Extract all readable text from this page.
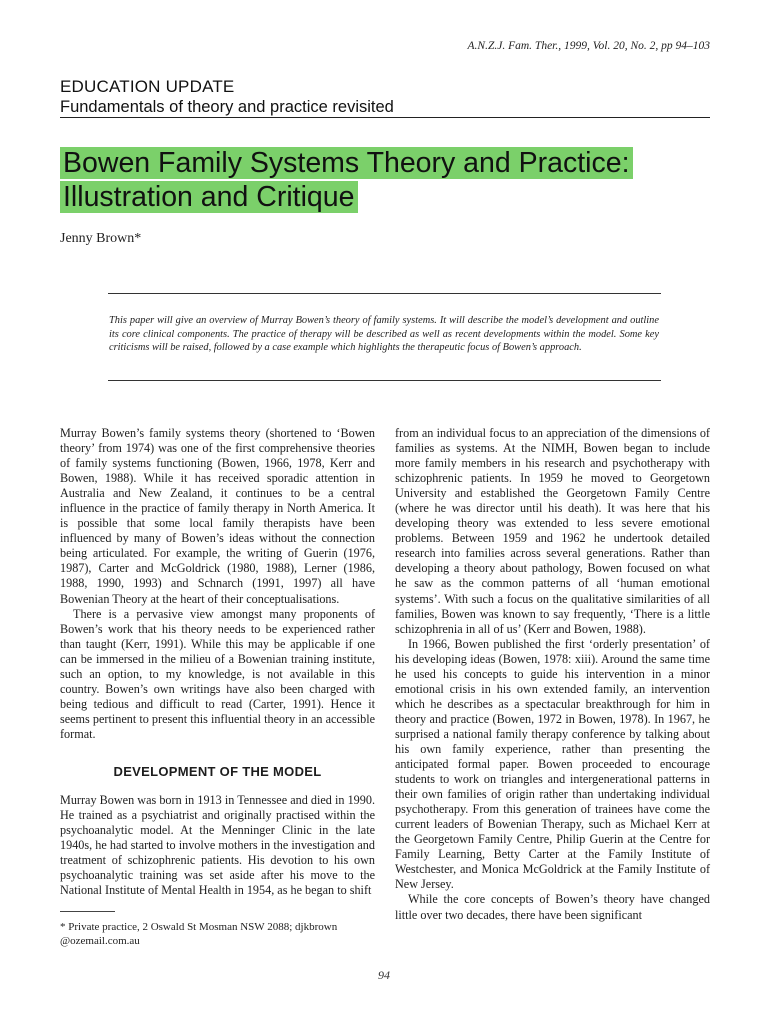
A.N.Z.J. Fam. Ther., 1999, Vol. 20, No. 2, pp 94–103
EDUCATION UPDATE
Fundamentals of theory and practice revisited
Bowen Family Systems Theory and Practice:
Illustration and Critique
Jenny Brown*
This paper will give an overview of Murray Bowen’s theory of family systems. It will describe the model’s development and outline its core clinical components. The practice of therapy will be described as well as recent developments within the model. Some key criticisms will be raised, followed by a case example which highlights the therapeutic focus of Bowen’s approach.

Murray Bowen’s family systems theory (shortened to ‘Bowen theory’ from 1974) was one of the first comprehensive theories of family systems functioning (Bowen, 1966, 1978, Kerr and Bowen, 1988). While it has received sporadic attention in Australia and New Zealand, it continues to be a central influence in the practice of family therapy in North America. It is possible that some local family therapists have been influenced by many of Bowen’s ideas without the connection being articulated. For example, the writing of Guerin (1976, 1987), Carter and McGoldrick (1980, 1988), Lerner (1986, 1988, 1990, 1993) and Schnarch (1991, 1997) all have Bowenian Theory at the heart of their conceptualisations.

There is a pervasive view amongst many proponents of Bowen’s work that his theory needs to be experienced rather than taught (Kerr, 1991). While this may be applicable if one can be immersed in the milieu of a Bowenian training institute, such an option, to my knowledge, is not available in this country. Bowen’s own writings have also been charged with being tedious and difficult to read (Carter, 1991). Hence it seems pertinent to present this influential theory in an accessible format.

DEVELOPMENT OF THE MODEL

Murray Bowen was born in 1913 in Tennessee and died in 1990. He trained as a psychiatrist and originally practised within the psychoanalytic model. At the Menninger Clinic in the late 1940s, he had started to involve mothers in the investigation and treatment of schizophrenic patients. His devotion to his own psychoanalytic training was set aside after his move to the National Institute of Mental Health in 1954, as he began to shift

from an individual focus to an appreciation of the dimensions of families as systems. At the NIMH, Bowen began to include more family members in his research and psychotherapy with schizophrenic patients. In 1959 he moved to Georgetown University and established the Georgetown Family Centre (where he was director until his death). It was here that his developing theory was extended to less severe emotional problems. Between 1959 and 1962 he undertook detailed research into families across several generations. Rather than developing a theory about pathology, Bowen focused on what he saw as the common patterns of all ‘human emotional systems’. With such a focus on the qualitative similarities of all families, Bowen was known to say frequently, ‘There is a little schizophrenia in all of us’ (Kerr and Bowen, 1988).

In 1966, Bowen published the first ‘orderly presentation’ of his developing ideas (Bowen, 1978: xiii). Around the same time he used his concepts to guide his intervention in a minor emotional crisis in his own extended family, an intervention which he describes as a spectacular breakthrough for him in theory and practice (Bowen, 1972 in Bowen, 1978). In 1967, he surprised a national family therapy conference by talking about his own family experience, rather than presenting the anticipated formal paper. Bowen proceeded to encourage students to work on triangles and intergenerational patterns in their own families of origin rather than undertaking individual psychotherapy. From this generation of trainees have come the current leaders of Bowenian Therapy, such as Michael Kerr at the Georgetown Family Centre, Philip Guerin at the Centre for Family Learning, Betty Carter at the Family Institute of Westchester, and Monica McGoldrick at the Family Institute of New Jersey.

While the core concepts of Bowen’s theory have changed little over two decades, there have been significant

* Private practice, 2 Oswald St Mosman NSW 2088; djkbrown @ozemail.com.au
94
